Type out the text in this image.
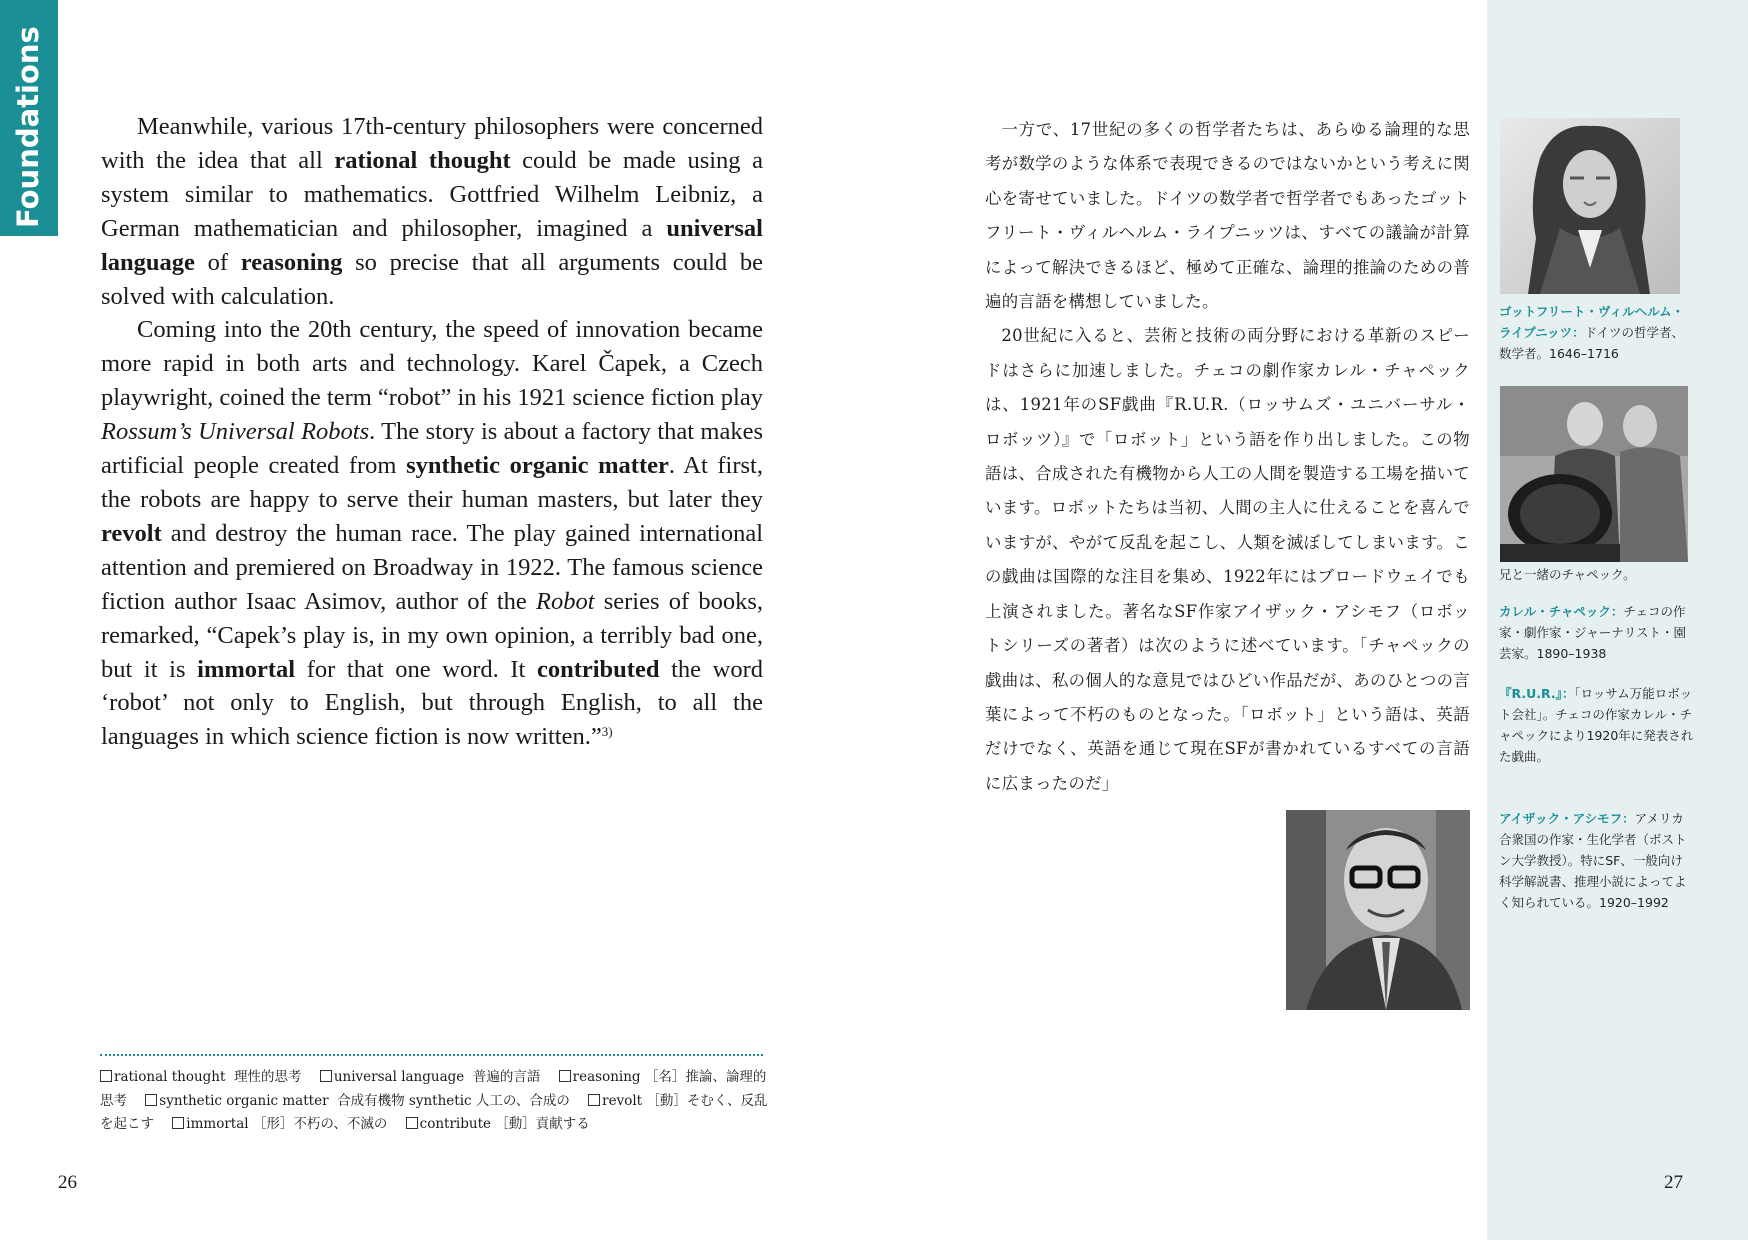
Foundations	Meanwhile, various 17th-century philosophers were concerned with the idea that all rational thought could be made using a system similar to mathematics. Gottfried Wilhelm Leibniz, a German mathematician and philosopher, imagined a universal language of reasoning so precise that all arguments could be solved with calculation.

Coming into the 20th century, the speed of innovation became more rapid in both arts and technology. Karel Čapek, a Czech playwright, coined the term “robot” in his 1921 science fiction play Rossum’s Universal Robots. The story is about a factory that makes artificial people created from synthetic organic matter. At first, the robots are happy to serve their human masters, but later they revolt and destroy the human race. The play gained international attention and premiered on Broadway in 1922. The famous science fiction author Isaac Asimov, author of the Robot series of books, remarked, “Capek’s play is, in my own opinion, a terribly bad one, but it is immortal for that one word. It contributed the word ‘robot’ not only to English, but through English, to all the languages in which science fiction is now written.”$^{3)}$

rational thought 理性的思考 universal language 普遍的言語 reasoning ［名］推論、論理的思考 synthetic organic matter 合成有機物 synthetic 人工の、合成の revolt ［動］そむく、反乱を起こす immortal ［形］不朽の、不滅の contribute ［動］貢献する
26

一方で、17世紀の多くの哲学者たちは、あらゆる論理的な思考が数学のような体系で表現できるのではないかという考えに関心を寄せていました。ドイツの数学者で哲学者でもあったゴットフリート・ヴィルヘルム・ライプニッツは、すべての議論が計算によって解決できるほど、極めて正確な、論理的推論のための普遍的言語を構想していました。

20世紀に入ると、芸術と技術の両分野における革新のスピードはさらに加速しました。チェコの劇作家カレル・チャペックは、1921年のSF戯曲『R.U.R.（ロッサムズ・ユニバーサル・ロボッツ）』で「ロボット」という語を作り出しました。この物語は、合成された有機物から人工の人間を製造する工場を描いています。ロボットたちは当初、人間の主人に仕えることを喜んでいますが、やがて反乱を起こし、人類を滅ぼしてしまいます。この戯曲は国際的な注目を集め、1922年にはブロードウェイでも上演されました。著名なSF作家アイザック・アシモフ（ロボットシリーズの著者）は次のように述べています。「チャペックの戯曲は、私の個人的な意見ではひどい作品だが、あのひとつの言葉によって不朽のものとなった。「ロボット」という語は、英語だけでなく、英語を通じて現在SFが書かれているすべての言語に広まったのだ」

ゴットフリート・ヴィルヘルム・ライプニッツ：ドイツの哲学者、数学者。1646–1716
兄と一緒のチャペック。
カレル・チャペック：チェコの作家・劇作家・ジャーナリスト・園芸家。1890–1938
『R.U.R.』：「ロッサム万能ロボット会社」。チェコの作家カレル・チャペックにより1920年に発表された戯曲。
アイザック・アシモフ：アメリカ合衆国の作家・生化学者（ボストン大学教授）。特にSF、一般向け科学解説書、推理小説によってよく知られている。1920–1992
27
